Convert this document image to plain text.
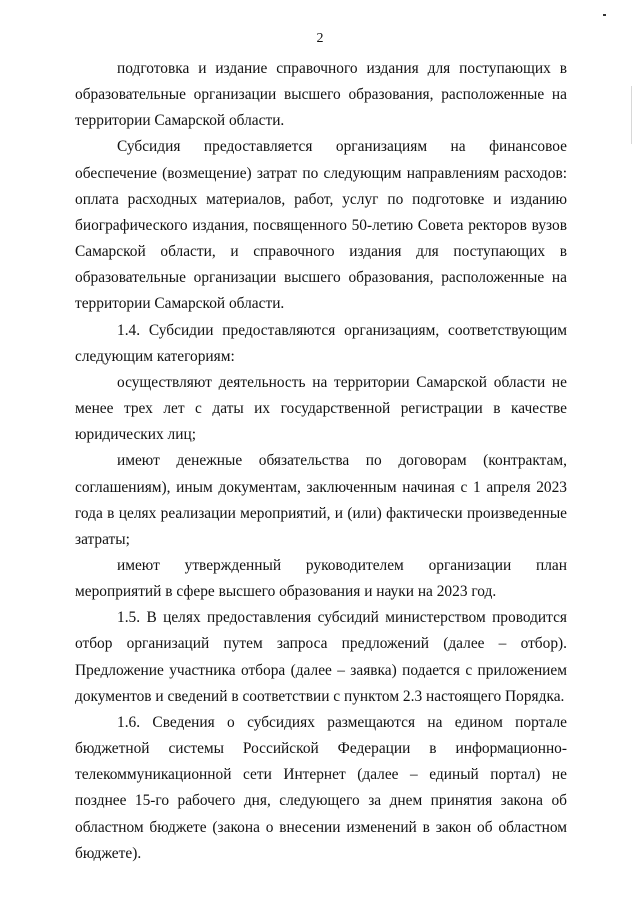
2

подготовка и издание справочного издания для поступающих в образовательные организации высшего образования, расположенные на территории Самарской области.

Субсидия предоставляется организациям на финансовое обеспечение (возмещение) затрат по следующим направлениям расходов: оплата расходных материалов, работ, услуг по подготовке и изданию биографического издания, посвященного 50-летию Совета ректоров вузов Самарской области, и справочного издания для поступающих в образовательные организации высшего образования, расположенные на территории Самарской области.

1.4. Субсидии предоставляются организациям, соответствующим следующим категориям:

осуществляют деятельность на территории Самарской области не менее трех лет с даты их государственной регистрации в качестве юридических лиц;

имеют денежные обязательства по договорам (контрактам, соглашениям), иным документам, заключенным начиная с 1 апреля 2023 года в целях реализации мероприятий, и (или) фактически произведенные затраты;

имеют утвержденный руководителем организации план мероприятий в сфере высшего образования и науки на 2023 год.

1.5. В целях предоставления субсидий министерством проводится отбор организаций путем запроса предложений (далее – отбор). Предложение участника отбора (далее – заявка) подается с приложением документов и сведений в соответствии с пунктом 2.3 настоящего Порядка.

1.6. Сведения о субсидиях размещаются на едином портале бюджетной системы Российской Федерации в информационно-телекоммуникационной сети Интернет (далее – единый портал) не позднее 15-го рабочего дня, следующего за днем принятия закона об областном бюджете (закона о внесении изменений в закон об областном бюджете).
